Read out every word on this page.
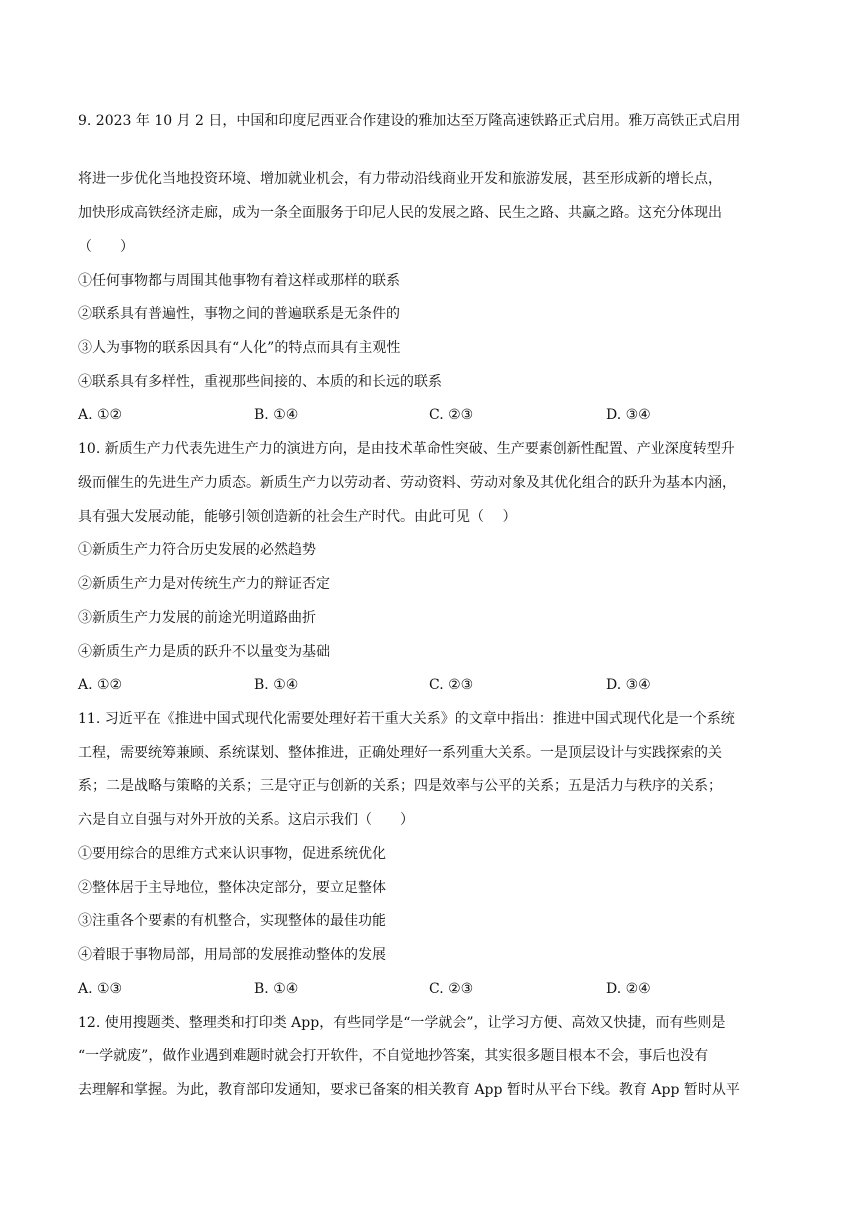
9. 2023 年 10 月 2 日，中国和印度尼西亚合作建设的雅加达至万隆高速铁路正式启用。雅万高铁正式启用
将进一步优化当地投资环境、增加就业机会，有力带动沿线商业开发和旅游发展，甚至形成新的增长点，
加快形成高铁经济走廊，成为一条全面服务于印尼人民的发展之路、民生之路、共赢之路。这充分体现出
（　　）
①任何事物都与周围其他事物有着这样或那样的联系
②联系具有普遍性，事物之间的普遍联系是无条件的
③人为事物的联系因具有“人化”的特点而具有主观性
④联系具有多样性，重视那些间接的、本质的和长远的联系
A. ①②	B. ①④	C. ②③	D. ③④
10. 新质生产力代表先进生产力的演进方向，是由技术革命性突破、生产要素创新性配置、产业深度转型升
级而催生的先进生产力质态。新质生产力以劳动者、劳动资料、劳动对象及其优化组合的跃升为基本内涵，
具有强大发展动能，能够引领创造新的社会生产时代。由此可见（　 ）
①新质生产力符合历史发展的必然趋势
②新质生产力是对传统生产力的辩证否定
③新质生产力发展的前途光明道路曲折
④新质生产力是质的跃升不以量变为基础
A. ①②	B. ①④	C. ②③	D. ③④
11. 习近平在《推进中国式现代化需要处理好若干重大关系》的文章中指出：推进中国式现代化是一个系统
工程，需要统筹兼顾、系统谋划、整体推进，正确处理好一系列重大关系。一是顶层设计与实践探索的关
系；二是战略与策略的关系；三是守正与创新的关系；四是效率与公平的关系；五是活力与秩序的关系；
六是自立自强与对外开放的关系。这启示我们（　　）
①要用综合的思维方式来认识事物，促进系统优化
②整体居于主导地位，整体决定部分，要立足整体
③注重各个要素的有机整合，实现整体的最佳功能
④着眼于事物局部，用局部的发展推动整体的发展
A. ①③	B. ①④	C. ②③	D. ②④
12. 使用搜题类、整理类和打印类 App，有些同学是“一学就会”，让学习方便、高效又快捷，而有些则是
“一学就废”，做作业遇到难题时就会打开软件，不自觉地抄答案，其实很多题目根本不会，事后也没有
去理解和掌握。为此，教育部印发通知，要求已备案的相关教育 App 暂时从平台下线。教育 App 暂时从平
